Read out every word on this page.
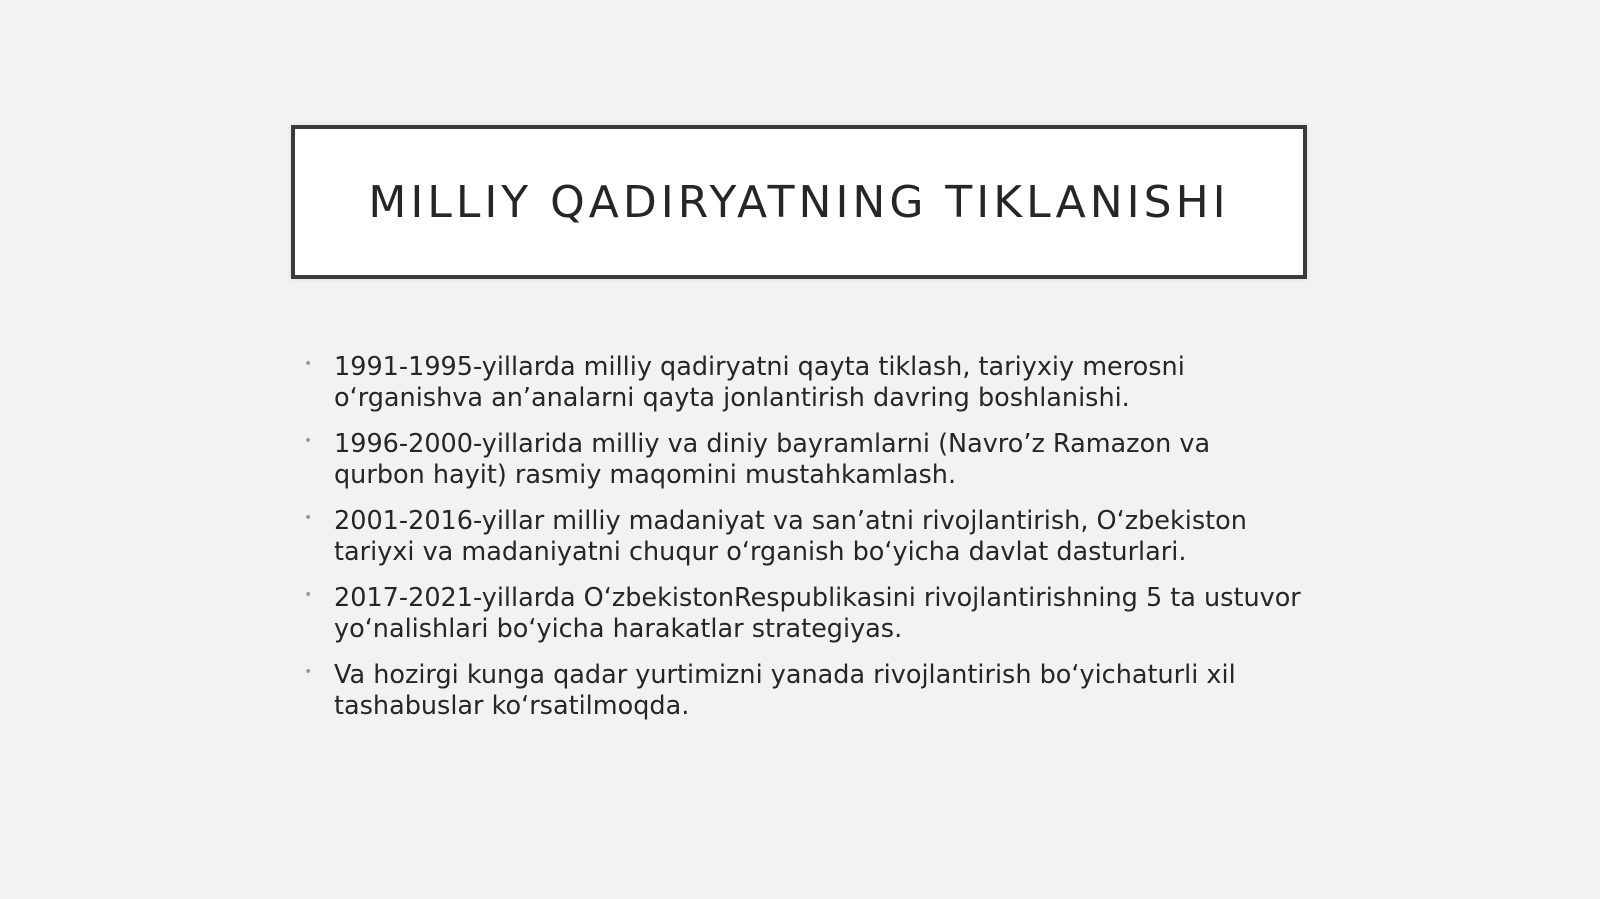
MILLIY QADIRYATNING TIKLANISHI
• 1991-1995-yillarda milliy qadiryatni qayta tiklash, tariyxiy merosni o‘rganishva an’analarni qayta jonlantirish davring boshlanishi.
• 1996-2000-yillarida milliy va diniy bayramlarni (Navro’z Ramazon va qurbon hayit) rasmiy maqomini mustahkamlash.
• 2001-2016-yillar milliy madaniyat va san’atni rivojlantirish, O‘zbekiston tariyxi va madaniyatni chuqur o‘rganish bo‘yicha davlat dasturlari.
• 2017-2021-yillarda O‘zbekistonRespublikasini rivojlantirishning 5 ta ustuvor yo‘nalishlari bo‘yicha harakatlar strategiyas.
• Va hozirgi kunga qadar yurtimizni yanada rivojlantirish bo‘yichaturli xil tashabuslar ko‘rsatilmoqda.
